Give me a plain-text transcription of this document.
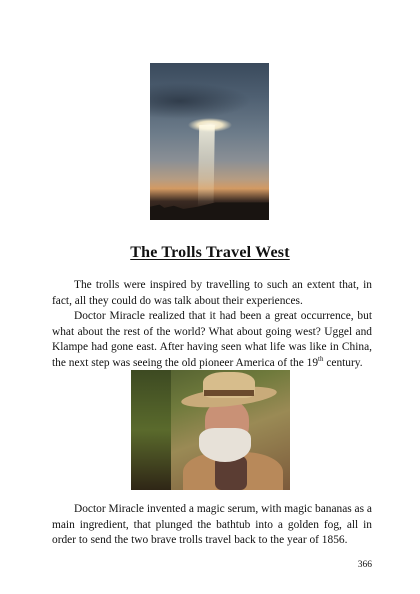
The Trolls Travel West

The trolls were inspired by travelling to such an extent that, in fact, all they could do was talk about their experiences.

Doctor Miracle realized that it had been a great occurrence, but what about the rest of the world? What about going west? Uggel and Klampe had gone east. After having seen what life was like in China, the next step was seeing the old pioneer America of the 19th century.

Doctor Miracle invented a magic serum, with magic bananas as a main ingredient, that plunged the bathtub into a golden fog, all in order to send the two brave trolls travel back to the year of 1856.

366
